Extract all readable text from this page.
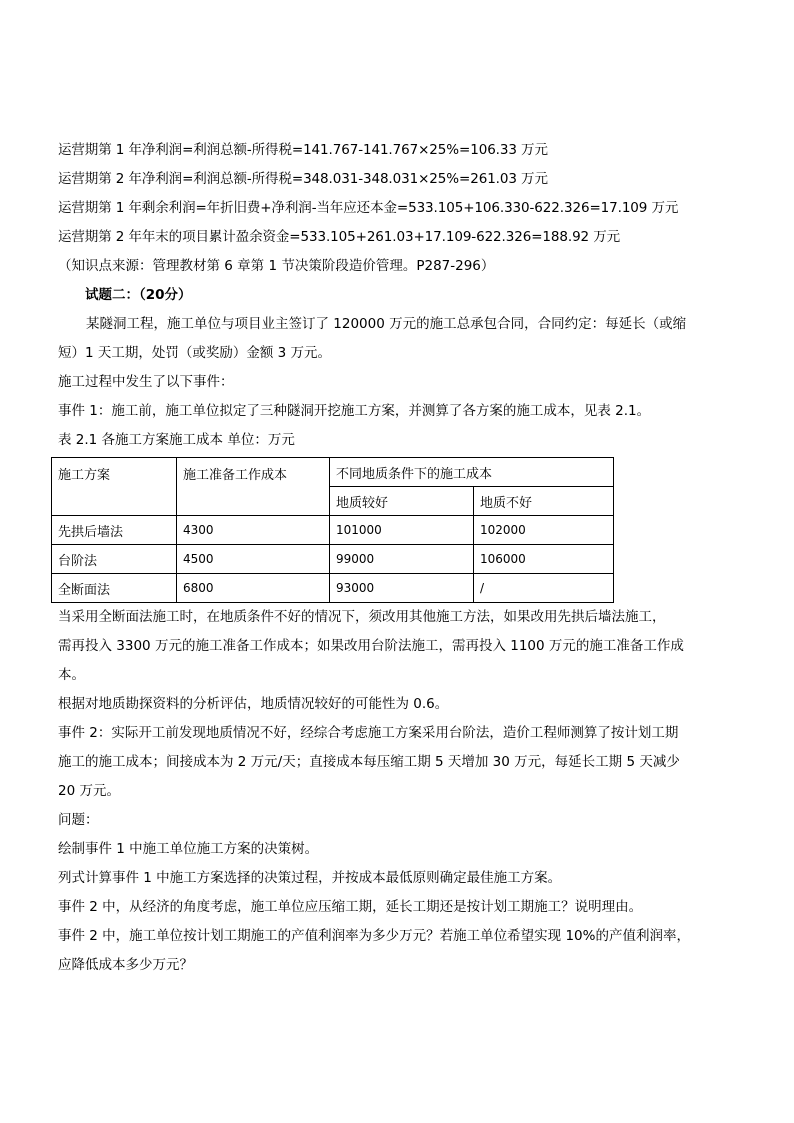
运营期第 1 年净利润=利润总额-所得税=141.767-141.767×25%=106.33 万元
运营期第 2 年净利润=利润总额-所得税=348.031-348.031×25%=261.03 万元
运营期第 1 年剩余利润=年折旧费+净利润-当年应还本金=533.105+106.330-622.326=17.109 万元
运营期第 2 年年末的项目累计盈余资金=533.105+261.03+17.109-622.326=188.92 万元
（知识点来源：管理教材第 6 章第 1 节决策阶段造价管理。P287-296）
试题二：（20分）
某隧洞工程，施工单位与项目业主签订了 120000 万元的施工总承包合同，合同约定：每延长（或缩
短）1 天工期，处罚（或奖励）金额 3 万元。
施工过程中发生了以下事件：
事件 1：施工前，施工单位拟定了三种隧洞开挖施工方案，并测算了各方案的施工成本，见表 2.1。
表 2.1 各施工方案施工成本 单位：万元
施工方案	施工准备工作成本	不同地质条件下的施工成本	
		地质较好	地质不好
先拱后墙法	4300	101000	102000
台阶法	4500	99000	106000
全断面法	6800	93000	/
当采用全断面法施工时，在地质条件不好的情况下，须改用其他施工方法，如果改用先拱后墙法施工，
需再投入 3300 万元的施工准备工作成本；如果改用台阶法施工，需再投入 1100 万元的施工准备工作成
本。
根据对地质勘探资料的分析评估，地质情况较好的可能性为 0.6。
事件 2：实际开工前发现地质情况不好，经综合考虑施工方案采用台阶法，造价工程师测算了按计划工期
施工的施工成本；间接成本为 2 万元/天；直接成本每压缩工期 5 天增加 30 万元，每延长工期 5 天减少
20 万元。
问题：
绘制事件 1 中施工单位施工方案的决策树。
列式计算事件 1 中施工方案选择的决策过程，并按成本最低原则确定最佳施工方案。
事件 2 中，从经济的角度考虑，施工单位应压缩工期，延长工期还是按计划工期施工？说明理由。
事件 2 中，施工单位按计划工期施工的产值利润率为多少万元？若施工单位希望实现 10%的产值利润率，
应降低成本多少万元？
